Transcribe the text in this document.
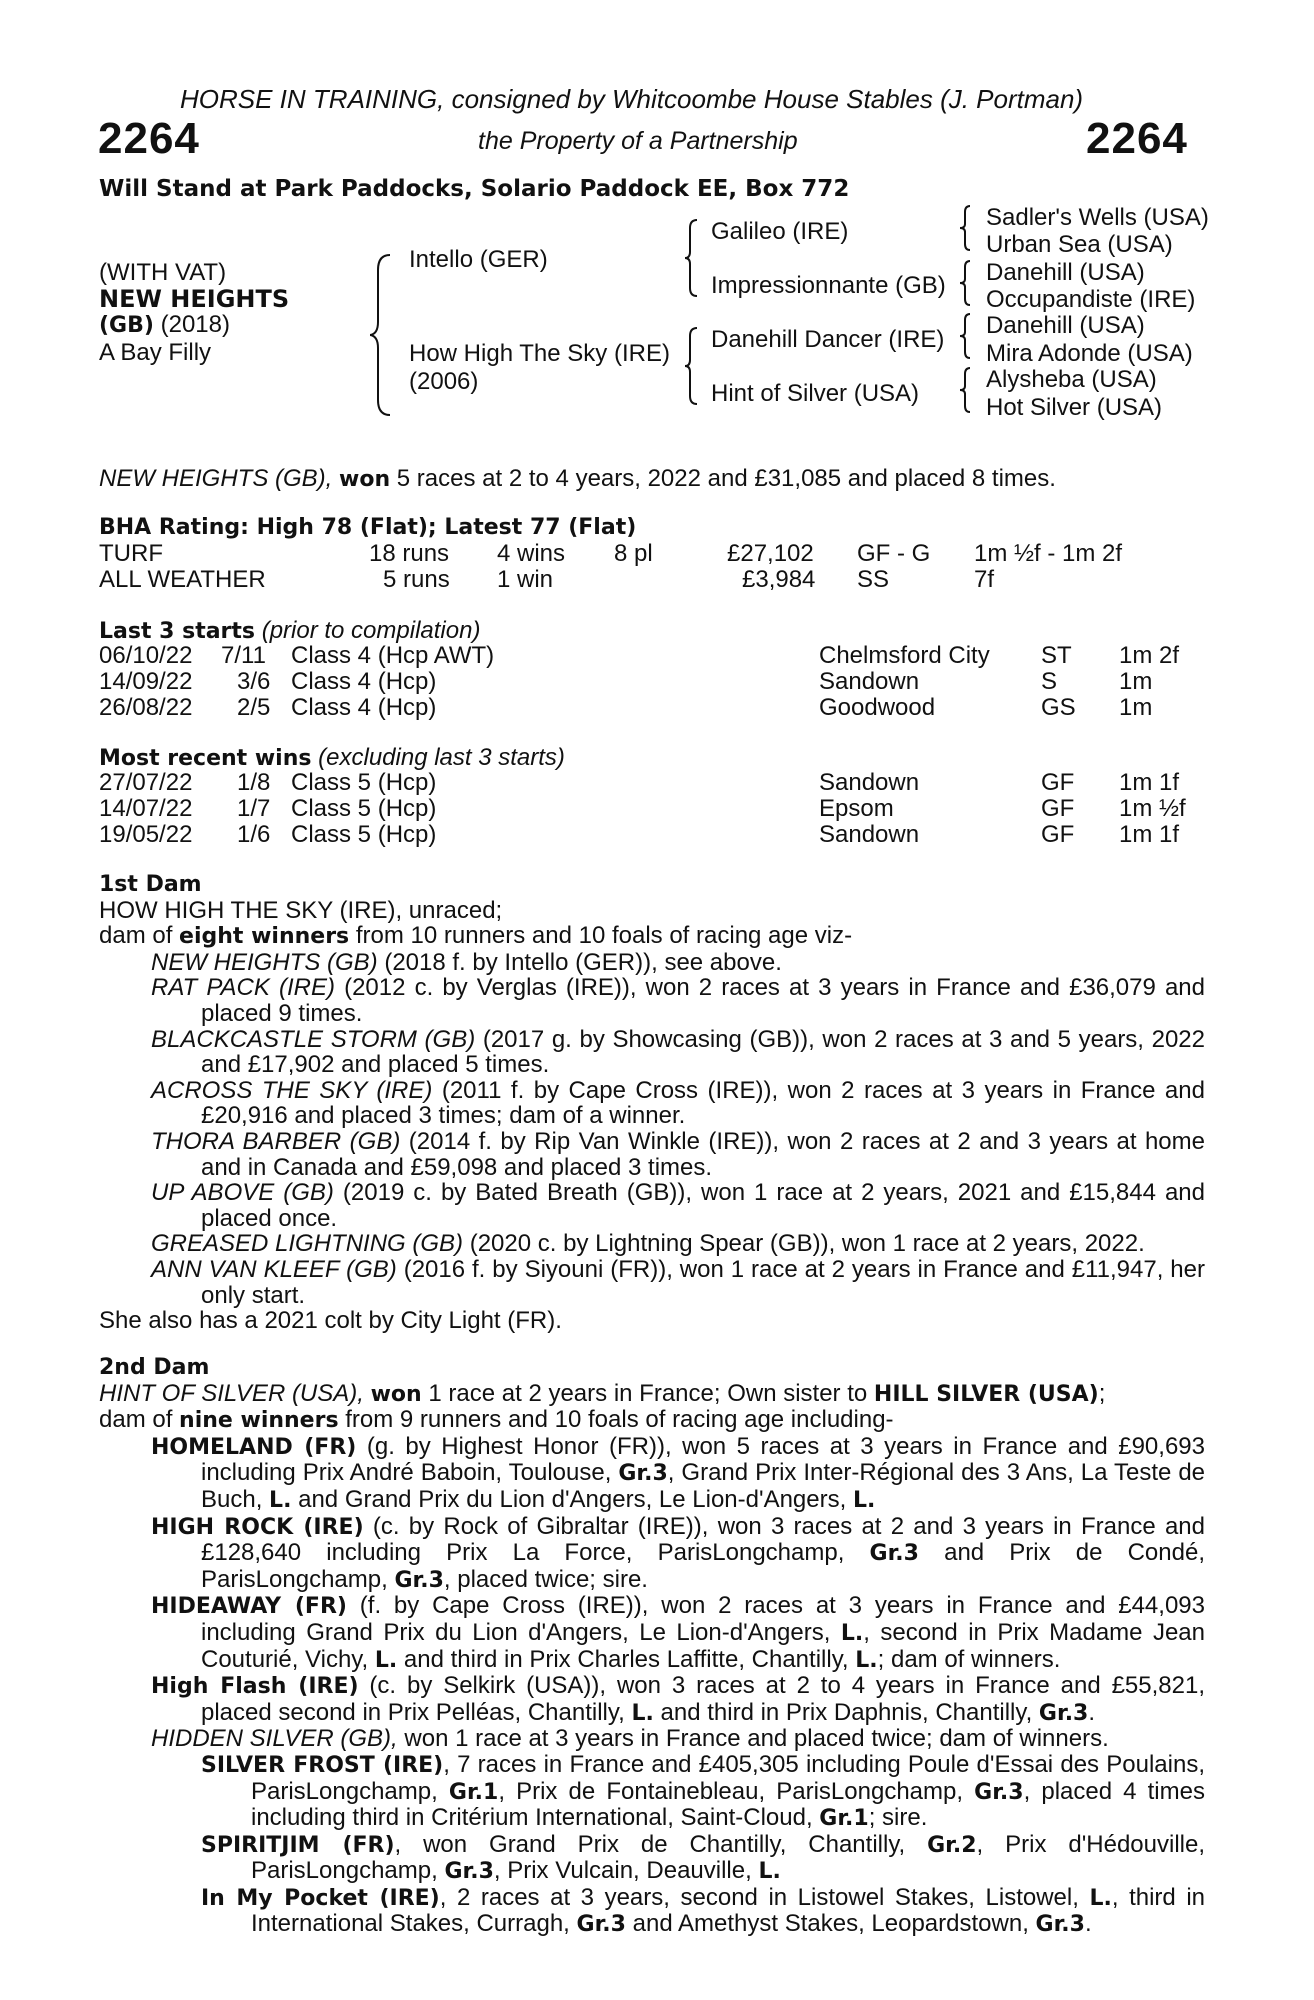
HORSE IN TRAINING, consigned by Whitcoombe House Stables (J. Portman)
2264	the Property of a Partnership	2264
Will Stand at Park Paddocks, Solario Paddock EE, Box 772
(WITH VAT)
NEW HEIGHTS
(GB) (2018)
A Bay Filly
Intello (GER)
How High The Sky (IRE)
(2006)
Galileo (IRE)
Impressionnante (GB)
Danehill Dancer (IRE)
Hint of Silver (USA)
Sadler's Wells (USA)
Urban Sea (USA)
Danehill (USA)
Occupandiste (IRE)
Danehill (USA)
Mira Adonde (USA)
Alysheba (USA)
Hot Silver (USA)
NEW HEIGHTS (GB), won 5 races at 2 to 4 years, 2022 and £31,085 and placed 8 times.
BHA Rating: High 78 (Flat); Latest 77 (Flat)
TURF	18 runs 4 wins 8 pl	£27,102 GF - G 1m ½f - 1m 2f
ALL WEATHER	5 runs 1 win	£3,984 SS	7f
Last 3 starts (prior to compilation)
06/10/22 7/11 Class 4 (Hcp AWT)	Chelmsford City ST 1m 2f
14/09/22 3/6 Class 4 (Hcp)	Sandown	S	1m
26/08/22 2/5 Class 4 (Hcp)	Goodwood	GS 1m
Most recent wins (excluding last 3 starts)
27/07/22 1/8 Class 5 (Hcp)	Sandown	GF 1m 1f
14/07/22 1/7 Class 5 (Hcp)	Epsom	GF 1m ½f
19/05/22 1/6 Class 5 (Hcp)	Sandown	GF 1m 1f

1st Dam

HOW HIGH THE SKY (IRE), unraced;

dam of eight winners from 10 runners and 10 foals of racing age viz-

NEW HEIGHTS (GB) (2018 f. by Intello (GER)), see above.

RAT PACK (IRE) (2012 c. by Verglas (IRE)), won 2 races at 3 years in France and £36,079 and placed 9 times.

BLACKCASTLE STORM (GB) (2017 g. by Showcasing (GB)), won 2 races at 3 and 5 years, 2022 and £17,902 and placed 5 times.

ACROSS THE SKY (IRE) (2011 f. by Cape Cross (IRE)), won 2 races at 3 years in France and £20,916 and placed 3 times; dam of a winner.

THORA BARBER (GB) (2014 f. by Rip Van Winkle (IRE)), won 2 races at 2 and 3 years at home and in Canada and £59,098 and placed 3 times.

UP ABOVE (GB) (2019 c. by Bated Breath (GB)), won 1 race at 2 years, 2021 and £15,844 and placed once.

GREASED LIGHTNING (GB) (2020 c. by Lightning Spear (GB)), won 1 race at 2 years, 2022.

ANN VAN KLEEF (GB) (2016 f. by Siyouni (FR)), won 1 race at 2 years in France and £11,947, her only start.

She also has a 2021 colt by City Light (FR).

2nd Dam

HINT OF SILVER (USA), won 1 race at 2 years in France; Own sister to HILL SILVER (USA);

dam of nine winners from 9 runners and 10 foals of racing age including-

HOMELAND (FR) (g. by Highest Honor (FR)), won 5 races at 3 years in France and £90,693 including Prix André Baboin, Toulouse, Gr.3, Grand Prix Inter-Régional des 3 Ans, La Teste de Buch, L. and Grand Prix du Lion d'Angers, Le Lion-d'Angers, L.

HIGH ROCK (IRE) (c. by Rock of Gibraltar (IRE)), won 3 races at 2 and 3 years in France and £128,640 including Prix La Force, ParisLongchamp, Gr.3 and Prix de Condé, ParisLongchamp, Gr.3, placed twice; sire.

HIDEAWAY (FR) (f. by Cape Cross (IRE)), won 2 races at 3 years in France and £44,093 including Grand Prix du Lion d'Angers, Le Lion-d'Angers, L., second in Prix Madame Jean Couturié, Vichy, L. and third in Prix Charles Laffitte, Chantilly, L.; dam of winners.

High Flash (IRE) (c. by Selkirk (USA)), won 3 races at 2 to 4 years in France and £55,821, placed second in Prix Pelléas, Chantilly, L. and third in Prix Daphnis, Chantilly, Gr.3.

HIDDEN SILVER (GB), won 1 race at 3 years in France and placed twice; dam of winners.

SILVER FROST (IRE), 7 races in France and £405,305 including Poule d'Essai des Poulains, ParisLongchamp, Gr.1, Prix de Fontainebleau, ParisLongchamp, Gr.3, placed 4 times including third in Critérium International, Saint-Cloud, Gr.1; sire.

SPIRITJIM (FR), won Grand Prix de Chantilly, Chantilly, Gr.2, Prix d'Hédouville, ParisLongchamp, Gr.3, Prix Vulcain, Deauville, L.

In My Pocket (IRE), 2 races at 3 years, second in Listowel Stakes, Listowel, L., third in International Stakes, Curragh, Gr.3 and Amethyst Stakes, Leopardstown, Gr.3.
